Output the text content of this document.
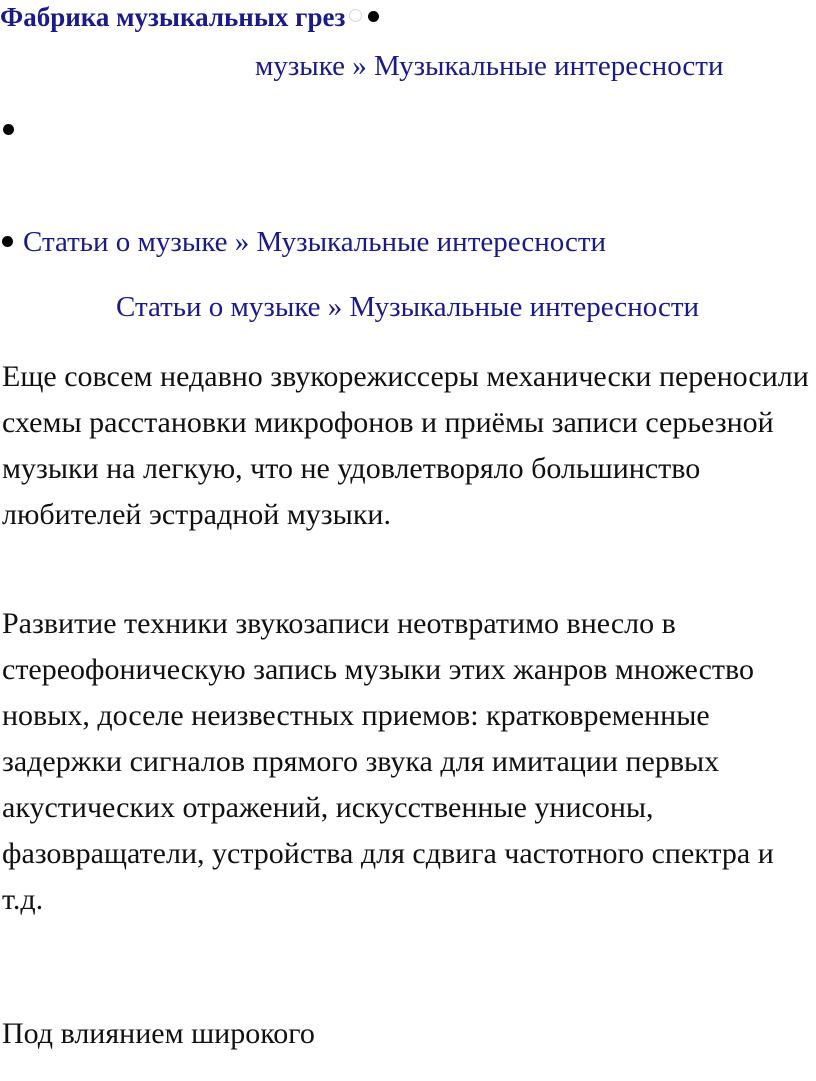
Фабрика музыкальных грез
музыке » Музыкальные интересности
Статьи о музыке » Музыкальные интересности
Статьи о музыке » Музыкальные интересности

Еще совсем недавно звукорежиссеры механически переносили схемы расстановки микрофонов и приёмы записи серьезной музыки на легкую, что не удовлетворяло большинство любителей эстрадной музыки.

Развитие техники звукозаписи неотвратимо внесло в стереофоническую запись музыки этих жанров множество новых, доселе неизвестных приемов: кратковременные задержки сигналов прямого звука для имитации первых акустических отражений, искусственные унисоны, фазовращатели, устройства для сдвига частотного спектра и т.д.

Под влиянием широкого
